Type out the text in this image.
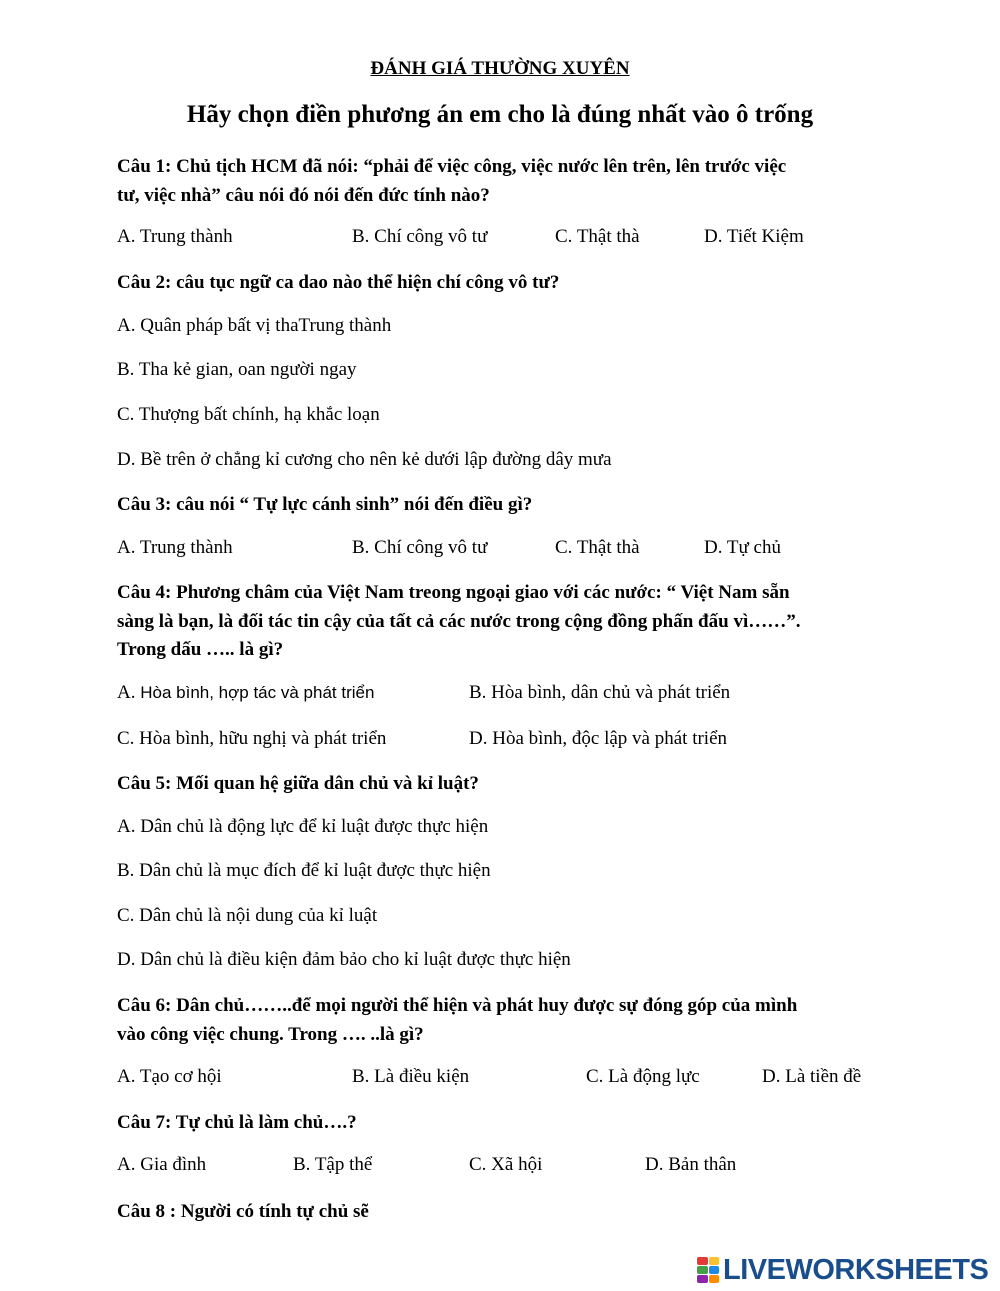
ĐÁNH GIÁ THƯỜNG XUYÊN
Hãy chọn điền phương án em cho là đúng nhất vào ô trống
Câu 1: Chủ tịch HCM đã nói: “phải để việc công, việc nước lên trên, lên trước việc
tư, việc nhà” câu nói đó nói đến đức tính nào?
A. Trung thành	B. Chí công vô tư	C. Thật thà	D. Tiết Kiệm
Câu 2: câu tục ngữ ca dao nào thể hiện chí công vô tư?
A. Quân pháp bất vị thaTrung thành
B. Tha kẻ gian, oan người ngay
C. Thượng bất chính, hạ khắc loạn
D. Bề trên ở chẳng kỉ cương cho nên kẻ dưới lập đường dây mưa
Câu 3: câu nói “ Tự lực cánh sinh” nói đến điều gì?
A. Trung thành	B. Chí công vô tư	C. Thật thà	D. Tự chủ
Câu 4: Phương châm của Việt Nam treong ngoại giao với các nước: “ Việt Nam sẵn
sàng là bạn, là đối tác tin cậy của tất cả các nước trong cộng đồng phấn đấu vì……”.
Trong dấu ….. là gì?
A. Hòa bình, hợp tác và phát triển	B. Hòa bình, dân chủ và phát triển
C. Hòa bình, hữu nghị và phát triển	D. Hòa bình, độc lập và phát triển
Câu 5: Mối quan hệ giữa dân chủ và kỉ luật?
A. Dân chủ là động lực để kỉ luật được thực hiện
B. Dân chủ là mục đích để kỉ luật được thực hiện
C. Dân chủ là nội dung của kỉ luật
D. Dân chủ là điều kiện đảm bảo cho kỉ luật được thực hiện
Câu 6: Dân chủ……..để mọi người thể hiện và phát huy được sự đóng góp của mình
vào công việc chung. Trong …. ..là gì?
A. Tạo cơ hội	B. Là điều kiện	C. Là động lực	D. Là tiền đề
Câu 7: Tự chủ là làm chủ….?
A. Gia đình	B. Tập thể	C. Xã hội	D. Bản thân
Câu 8 : Người có tính tự chủ sẽ
LIVEWORKSHEETS
